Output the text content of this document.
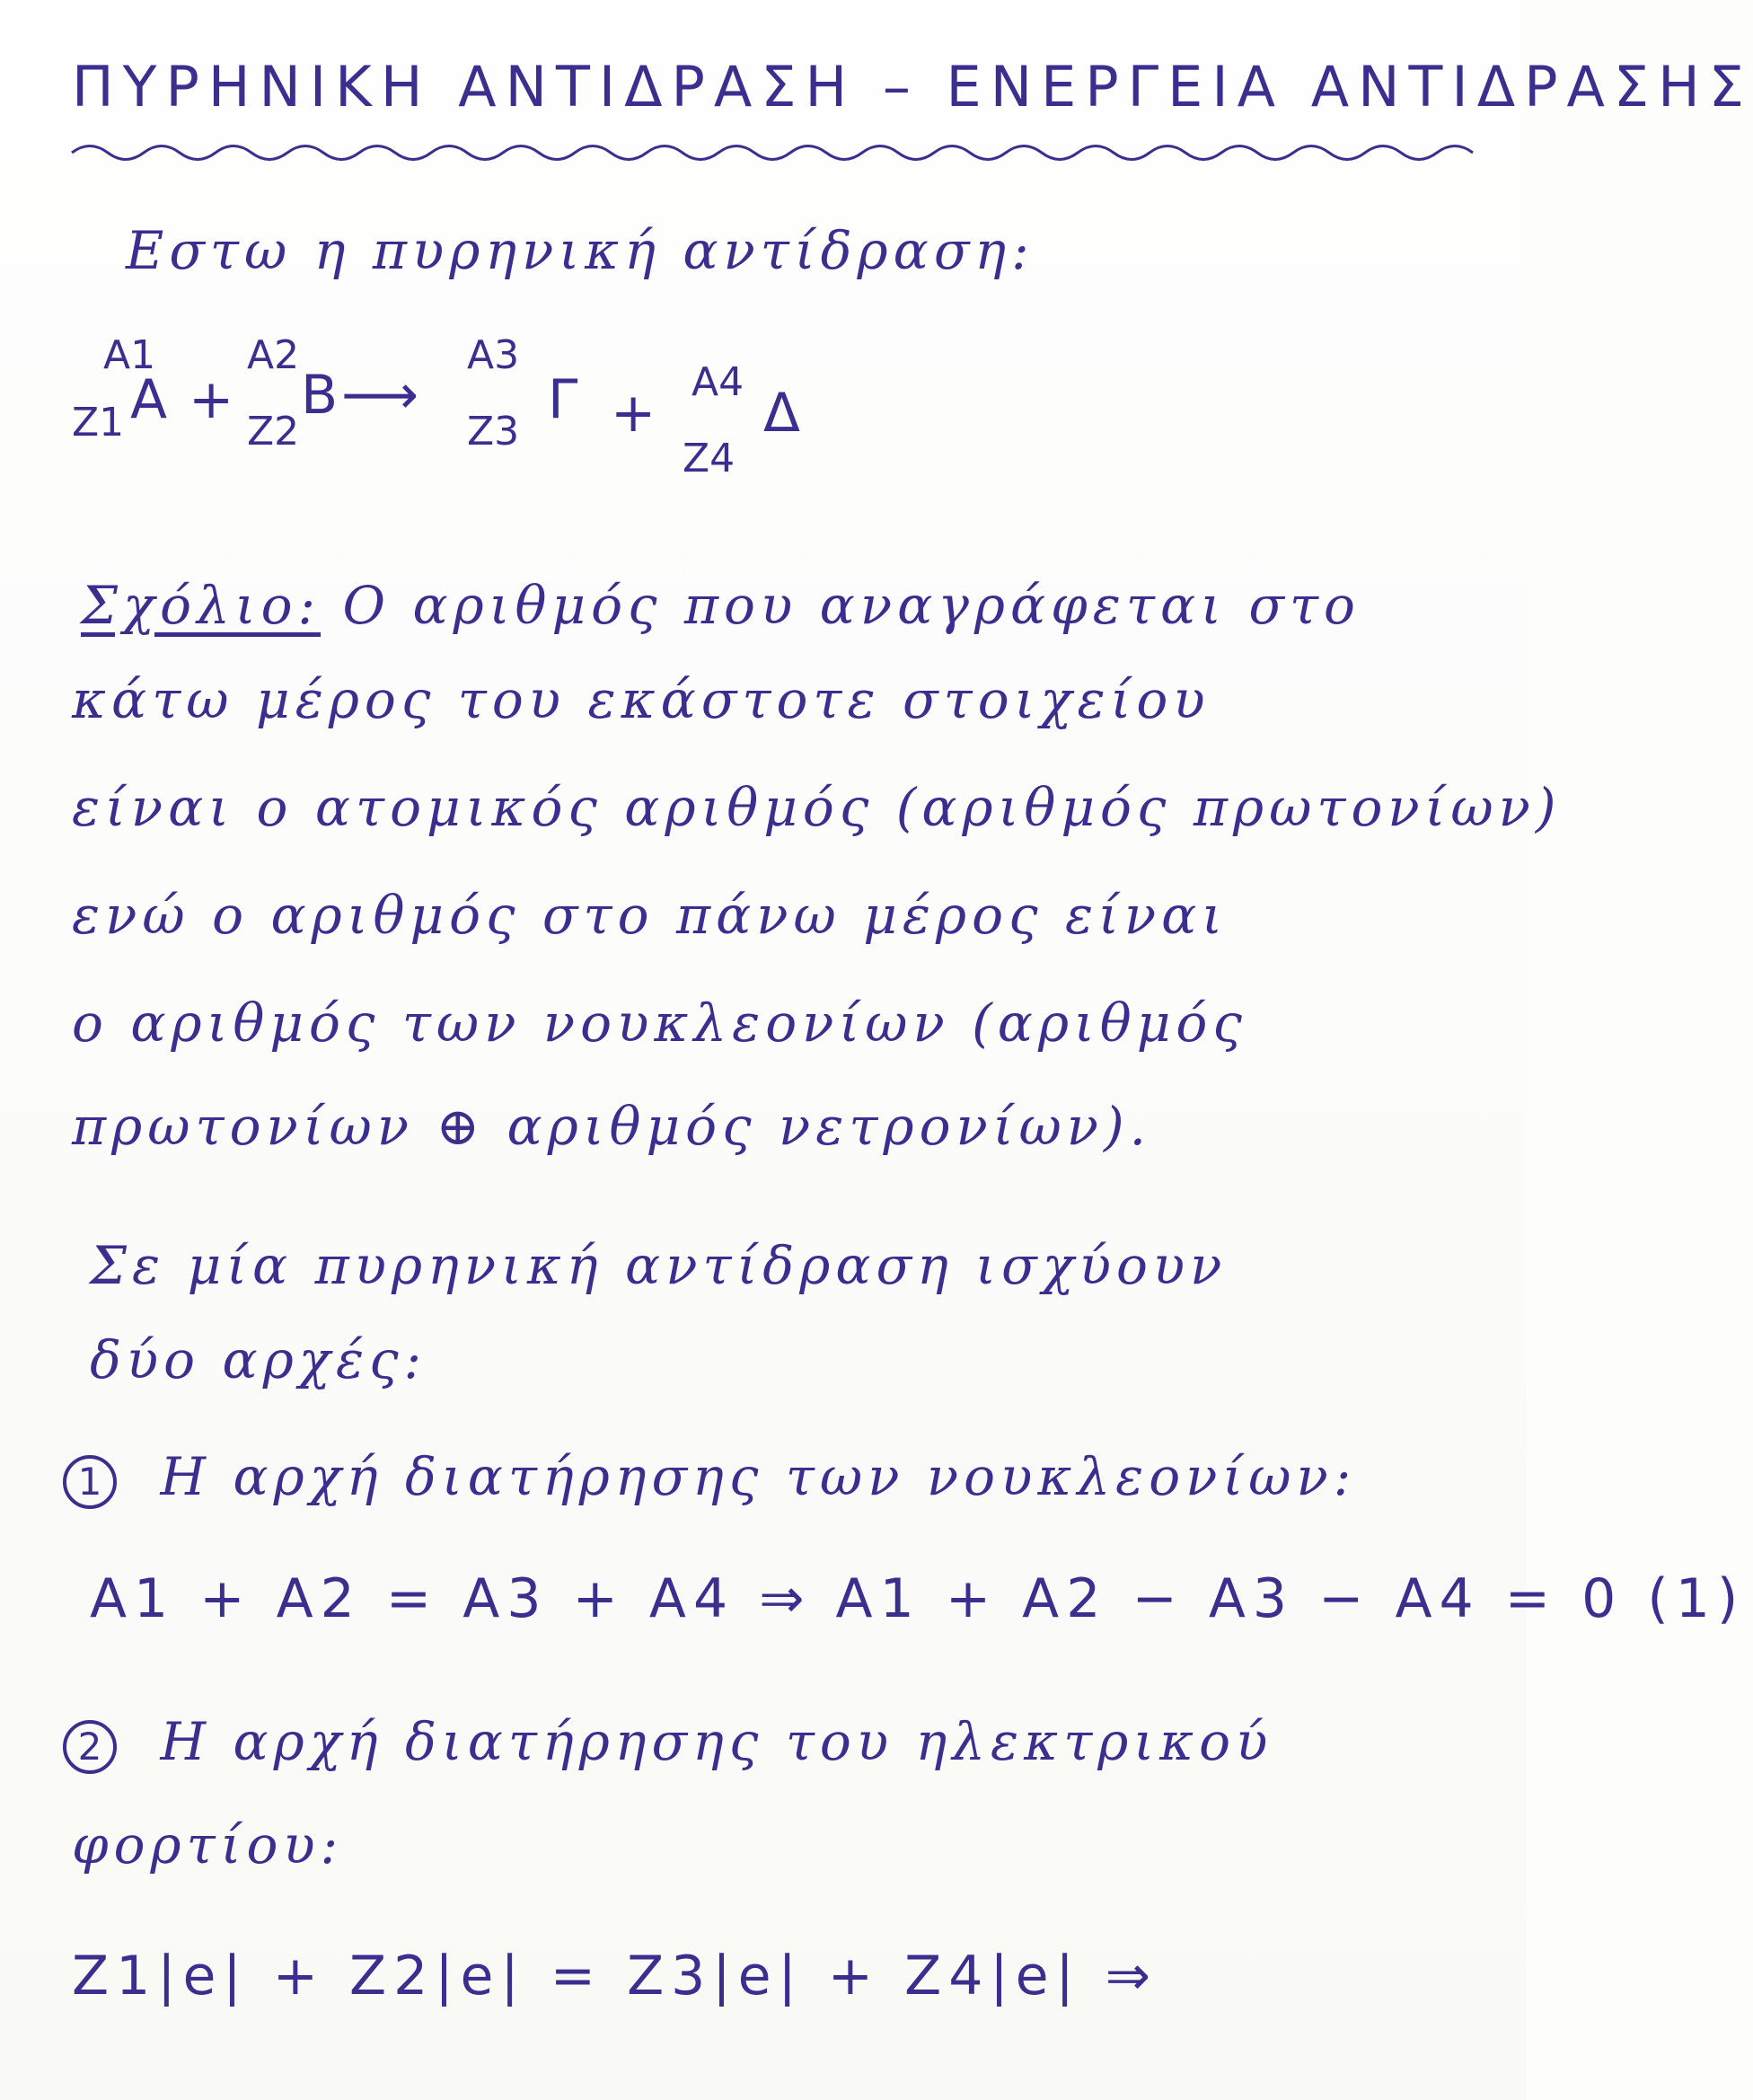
ΠΥΡΗΝΙΚΗ ΑΝΤΙΔΡΑΣΗ – ΕΝΕΡΓΕΙΑ ΑΝΤΙΔΡΑΣΗΣ
Εστω η πυρηνική αντίδραση:
A1
Z1 A +
A2
Z2
B ⟶
A3
Z3
Γ + A4
Z4
Δ
Σχόλιο: Ο αριθμός που αναγράφεται στο
κάτω μέρος του εκάστοτε στοιχείου
είναι ο ατομικός αριθμός (αριθμός πρωτονίων)
ενώ ο αριθμός στο πάνω μέρος είναι
ο αριθμός των νουκλεονίων (αριθμός
πρωτονίων ⊕ αριθμός νετρονίων).
Σε μία πυρηνική αντίδραση ισχύουν
δύο αρχές:
1 Η αρχή διατήρησης των νουκλεονίων:
A1 + A2 = A3 + A4 ⇒ A1 + A2 − A3 − A4 = 0 (1)
2 Η αρχή διατήρησης του ηλεκτρικού
φορτίου:
Z1|e| + Z2|e| = Z3|e| + Z4|e| ⇒
